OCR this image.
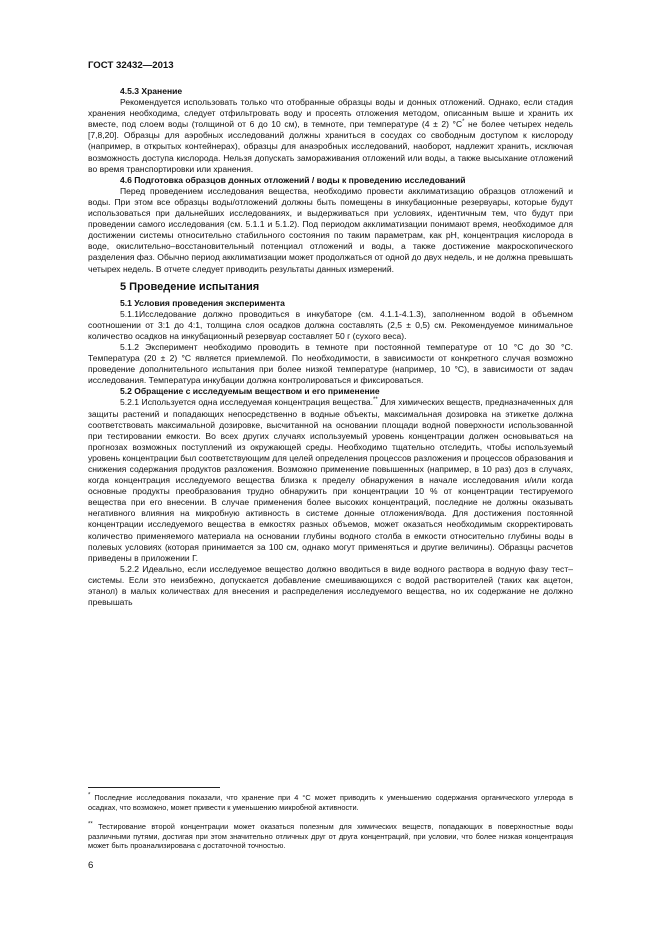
ГОСТ 32432—2013

4.5.3 Хранение

Рекомендуется использовать только что отобранные образцы воды и донных отложений. Однако, если стадия хранения необходима, следует отфильтровать воду и просеять отложения методом, описанным выше и хранить их вместе, под слоем воды (толщиной от 6 до 10 см), в темноте, при температуре (4 ± 2) °С* не более четырех недель [7,8,20]. Образцы для аэробных исследований должны храниться в сосудах со свободным доступом к кислороду (например, в открытых контейнерах), образцы для анаэробных исследований, наоборот, надлежит хранить, исключая возможность доступа кислорода. Нельзя допускать замораживания отложений или воды, а также высыхание отложений во время транспортировки или хранения.

4.6 Подготовка образцов донных отложений / воды к проведению исследований

Перед проведением исследования вещества, необходимо провести акклиматизацию образцов отложений и воды. При этом все образцы воды/отложений должны быть помещены в инкубационные резервуары, которые будут использоваться при дальнейших исследованиях, и выдерживаться при условиях, идентичным тем, что будут при проведении самого исследования (см. 5.1.1 и 5.1.2). Под периодом акклиматизации понимают время, необходимое для достижении системы относительно стабильного состояния по таким параметрам, как рН, концентрация кислорода в воде, окислительно–восстановительный потенциал отложений и воды, а также достижение макроскопического разделения фаз. Обычно период акклиматизации может продолжаться от одной до двух недель, и не должна превышать четырех недель. В отчете следует приводить результаты данных измерений.

5 Проведение испытания

5.1 Условия проведения эксперимента

5.1.1Исследование должно проводиться в инкубаторе (см. 4.1.1-4.1.3), заполненном водой в объемном соотношении от 3:1 до 4:1, толщина слоя осадков должна составлять (2,5 ± 0,5) см. Рекомендуемое минимальное количество осадков на инкубационный резервуар составляет 50 г (сухого веса).

5.1.2 Эксперимент необходимо проводить в темноте при постоянной температуре от 10 °С до 30 °С. Температура (20 ± 2) °С является приемлемой. По необходимости, в зависимости от конкретного случая возможно проведение дополнительного испытания при более низкой температуре (например, 10 °С), в зависимости от задач исследования. Температура инкубации должна контролироваться и фиксироваться.

5.2 Обращение с исследуемым веществом и его применение

5.2.1 Используется одна исследуемая концентрация вещества.** Для химических веществ, предназначенных для защиты растений и попадающих непосредственно в водные объекты, максимальная дозировка на этикетке должна соответствовать максимальной дозировке, высчитанной на основании площади водной поверхности использованной при тестировании емкости. Во всех других случаях используемый уровень концентрации должен основываться на прогнозах возможных поступлений из окружающей среды. Необходимо тщательно отследить, чтобы используемый уровень концентрации был соответствующим для целей определения процессов разложения и процессов образования и снижения содержания продуктов разложения. Возможно применение повышенных (например, в 10 раз) доз в случаях, когда концентрация исследуемого вещества близка к пределу обнаружения в начале исследования и/или когда основные продукты преобразования трудно обнаружить при концентрации 10 % от концентрации тестируемого вещества при его внесении. В случае применения более высоких концентраций, последние не должны оказывать негативного влияния на микробную активность в системе донные отложения/вода. Для достижения постоянной концентрации исследуемого вещества в емкостях разных объемов, может оказаться необходимым скорректировать количество применяемого материала на основании глубины водного столба в емкости относительно глубины воды в полевых условиях (которая принимается за 100 см, однако могут применяться и другие величины). Образцы расчетов приведены в приложении Г.

5.2.2 Идеально, если исследуемое вещество должно вводиться в виде водного раствора в водную фазу тест–системы. Если это неизбежно, допускается добавление смешивающихся с водой растворителей (таких как ацетон, этанол) в малых количествах для внесения и распределения исследуемого вещества, но их содержание не должно превышать

* Последние исследования показали, что хранение при 4 °С может приводить к уменьшению содержания органического углерода в осадках, что возможно, может привести к уменьшению микробной активности.
** Тестирование второй концентрации может оказаться полезным для химических веществ, попадающих в поверхностные воды различными путями, достигая при этом значительно отличных друг от друга концентраций, при условии, что более низкая концентрация может быть проанализирована с достаточной точностью.
6
